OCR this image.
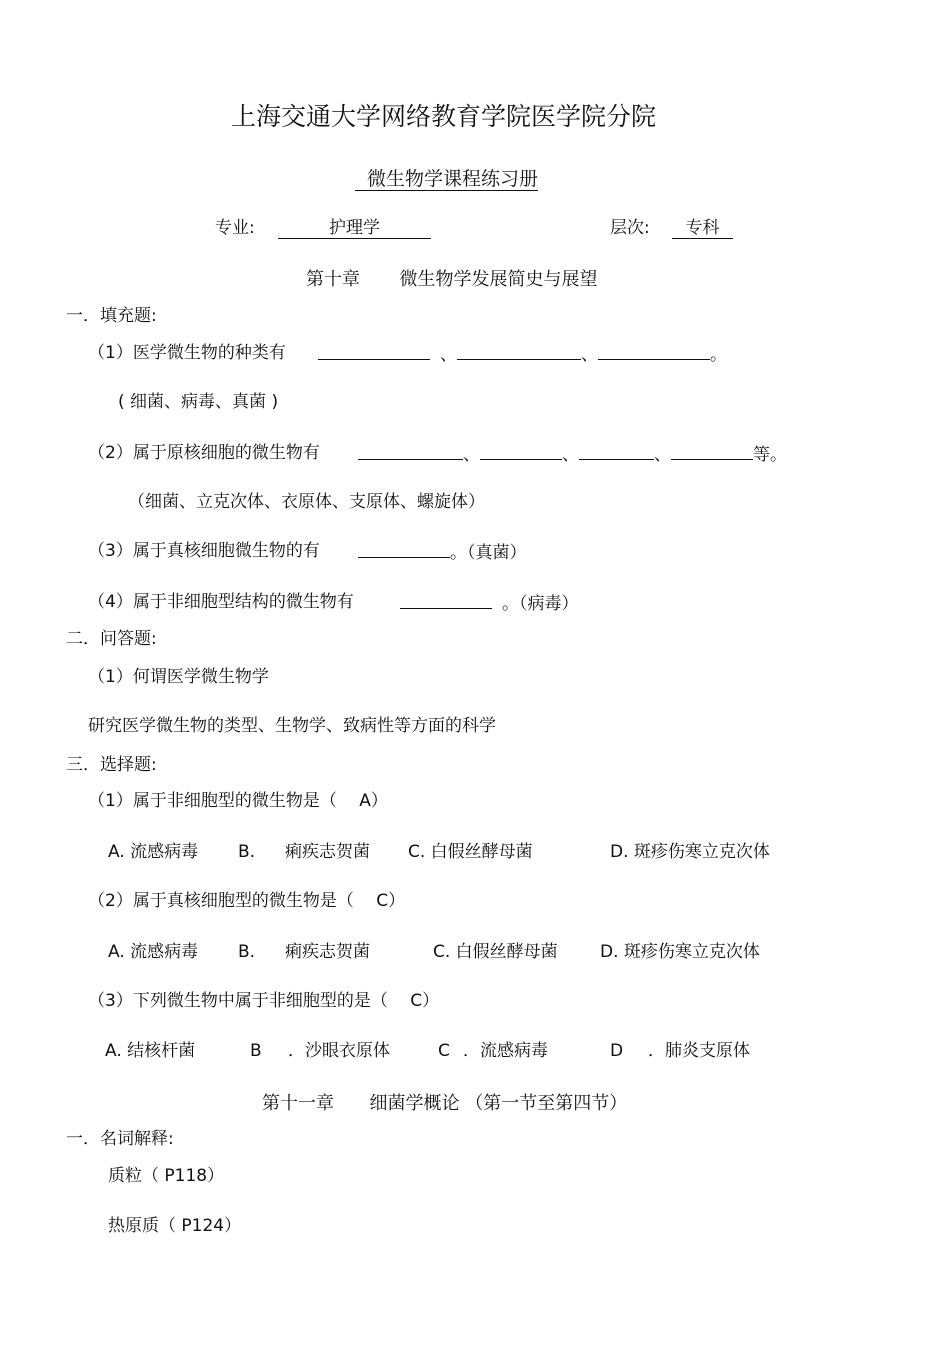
上海交通大学网络教育学院医学院分院
微生物学课程练习册
专业:	护理学	层次:	专科
第十章 微生物学发展简史与展望
一．填充题:
（1）医学微生物的种类有	、	、	。
( 细菌、病毒、真菌 )
（2）属于原核细胞的微生物有	、	、	、	等。
（细菌、立克次体、衣原体、支原体、螺旋体）
（3）属于真核细胞微生物的有	。（真菌）
（4）属于非细胞型结构的微生物有	。（病毒）
二．问答题:
（1）何谓医学微生物学
研究医学微生物的类型、生物学、致病性等方面的科学
三．选择题:
（1）属于非细胞型的微生物是（　 A）
A. 流感病毒 B. 痢疾志贺菌 C. 白假丝酵母菌	D. 斑疹伤寒立克次体
（2）属于真核细胞型的微生物是（　 C）
A. 流感病毒 B. 痢疾志贺菌	C. 白假丝酵母菌 D. 斑疹伤寒立克次体
（3）下列微生物中属于非细胞型的是（　 C）
A. 结核杆菌	B ．沙眼衣原体	C ．流感病毒	D ．肺炎支原体
第十一章 细菌学概论 （第一节至第四节）
一．名词解释:
质粒（ P118）
热原质（ P124）
